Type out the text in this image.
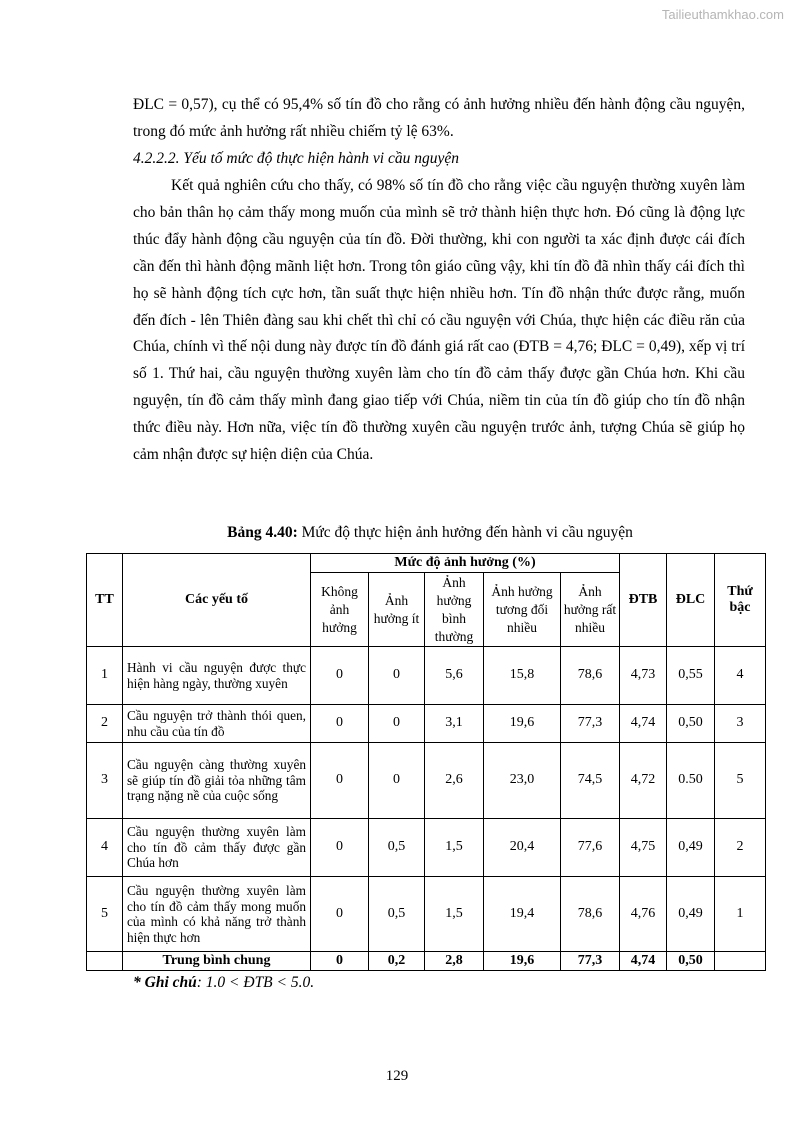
Tailieuthamkhao.com

ĐLC = 0,57), cụ thể có 95,4% số tín đồ cho rằng có ảnh hưởng nhiều đến hành động cầu nguyện, trong đó mức ảnh hưởng rất nhiều chiếm tỷ lệ 63%.

4.2.2.2. Yếu tố mức độ thực hiện hành vi cầu nguyện

Kết quả nghiên cứu cho thấy, có 98% số tín đồ cho rằng việc cầu nguyện thường xuyên làm cho bản thân họ cảm thấy mong muốn của mình sẽ trở thành hiện thực hơn. Đó cũng là động lực thúc đẩy hành động cầu nguyện của tín đồ. Đời thường, khi con người ta xác định được cái đích cần đến thì hành động mãnh liệt hơn. Trong tôn giáo cũng vậy, khi tín đồ đã nhìn thấy cái đích thì họ sẽ hành động tích cực hơn, tần suất thực hiện nhiều hơn. Tín đồ nhận thức được rằng, muốn đến đích - lên Thiên đàng sau khi chết thì chỉ có cầu nguyện với Chúa, thực hiện các điều răn của Chúa, chính vì thế nội dung này được tín đồ đánh giá rất cao (ĐTB = 4,76; ĐLC = 0,49), xếp vị trí số 1. Thứ hai, cầu nguyện thường xuyên làm cho tín đồ cảm thấy được gần Chúa hơn. Khi cầu nguyện, tín đồ cảm thấy mình đang giao tiếp với Chúa, niềm tin của tín đồ giúp cho tín đồ nhận thức điều này. Hơn nữa, việc tín đồ thường xuyên cầu nguyện trước ảnh, tượng Chúa sẽ giúp họ cảm nhận được sự hiện diện của Chúa.

Bảng 4.40: Mức độ thực hiện ảnh hưởng đến hành vi cầu nguyện

TT	Các yếu tố	Mức độ ảnh hưởng (%)					ĐTB	ĐLC	Thứ bậc
		Không ảnh hưởng	Ảnh hưởng ít	Ảnh hưởng bình thường	Ảnh hưởng tương đối nhiều	Ảnh hưởng rất nhiều			
1	Hành vi cầu nguyện được thực hiện hàng ngày, thường xuyên	0	0	5,6	15,8	78,6	4,73	0,55	4
2	Cầu nguyện trở thành thói quen, nhu cầu của tín đồ	0	0	3,1	19,6	77,3	4,74	0,50	3
3	Cầu nguyện càng thường xuyên sẽ giúp tín đồ giải tỏa những tâm trạng nặng nề của cuộc sống	0	0	2,6	23,0	74,5	4,72	0.50	5
4	Cầu nguyện thường xuyên làm cho tín đồ cảm thấy được gần Chúa hơn	0	0,5	1,5	20,4	77,6	4,75	0,49	2
5	Cầu nguyện thường xuyên làm cho tín đồ cảm thấy mong muốn của mình có khả năng trở thành hiện thực hơn	0	0,5	1,5	19,4	78,6	4,76	0,49	1
	Trung bình chung	0	0,2	2,8	19,6	77,3	4,74	0,50	

* Ghi chú: 1.0 < ĐTB < 5.0.

129
